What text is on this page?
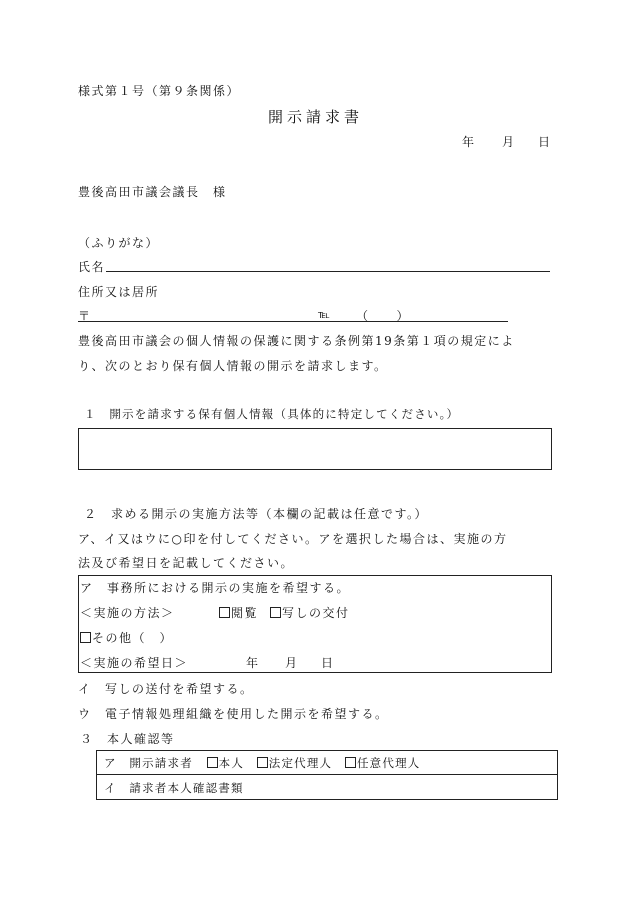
様式第１号（第９条関係）
開示請求書
年 月 日
豊後高田市議会議長　様
（ふりがな）
氏名
住所又は居所
〒	℡ （　　）
豊後高田市議会の個人情報の保護に関する条例第19条第１項の規定によ
り、次のとおり保有個人情報の開示を請求します。
１　開示を請求する保有個人情報（具体的に特定してください。）
２　求める開示の実施方法等（本欄の記載は任意です。）
ア、イ又はウに○印を付してください。アを選択した場合は、実施の方
法及び希望日を記載してください。
ア　事務所における開示の実施を希望する。
＜実施の方法＞	閲覧	写しの交付
その他（　）
＜実施の希望日＞	年 月 日
イ　写しの送付を希望する。
ウ　電子情報処理組織を使用した開示を希望する。
３　本人確認等
ア　開示請求者 本人 法定代理人 任意代理人
イ　請求者本人確認書類
